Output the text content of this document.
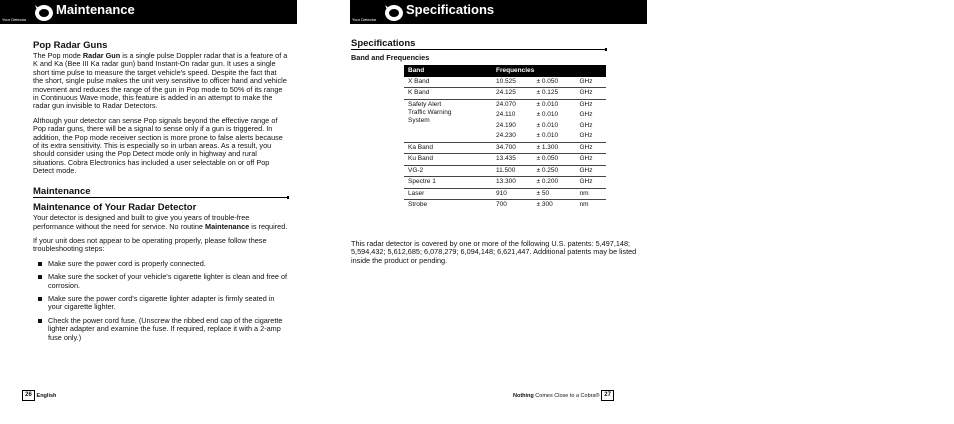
Your Detector
Maintenance
Your Detector
Specifications
Pop Radar Guns

The Pop mode Radar Gun is a single pulse Doppler radar that is a feature of a K and Ka (Bee III Ka radar gun) band Instant-On radar gun. It uses a single short time pulse to measure the target vehicle's speed. Despite the fact that the short, single pulse makes the unit very sensitive to officer hand and vehicle movement and reduces the range of the gun in Pop mode to 50% of its range in Continuous Wave mode, this feature is added in an attempt to make the radar gun invisible to Radar Detectors.

Although your detector can sense Pop signals beyond the effective range of Pop radar guns, there will be a signal to sense only if a gun is triggered. In addition, the Pop mode receiver section is more prone to false alerts because of its extra sensitivity. This is especially so in urban areas. As a result, you should consider using the Pop Detect mode only in highway and rural situations. Cobra Electronics has included a user selectable on or off Pop Detect mode.

Maintenance
Maintenance of Your Radar Detector

Your detector is designed and built to give you years of trouble-free performance without the need for service. No routine Maintenance is required.

If your unit does not appear to be operating properly, please follow these troubleshooting steps:

Make sure the power cord is properly connected.
Make sure the socket of your vehicle's cigarette lighter is clean and free of corrosion.
Make sure the power cord's cigarette lighter adapter is firmly seated in your cigarette lighter.
Check the power cord fuse. (Unscrew the ribbed end cap of the cigarette lighter adapter and examine the fuse. If required, replace it with a 2-amp fuse only.)
Specifications
Band and Frequencies
Band	Frequencies		
X Band	10.525	± 0.050	GHz
K Band	24.125	± 0.125	GHz
Safety Alert
Traffic Warning
System	24.070	± 0.010	GHz
	24.110	± 0.010	GHz
	24.190	± 0.010	GHz
	24.230	± 0.010	GHz
Ka Band	34.700	± 1.300	GHz
Ku Band	13.435	± 0.050	GHz
VG-2	11.500	± 0.250	GHz
Spectre 1	13.300	± 0.200	GHz
Laser	910	± 50	nm
Strobe	700	± 300	nm
This radar detector is covered by one or more of the following U.S. patents: 5,497,148; 5,594,432; 5,612,685; 6,078,279; 6,094,148; 6,621,447. Additional patents may be listed inside the product or pending.
26 English	Nothing Comes Close to a Cobra® 27
